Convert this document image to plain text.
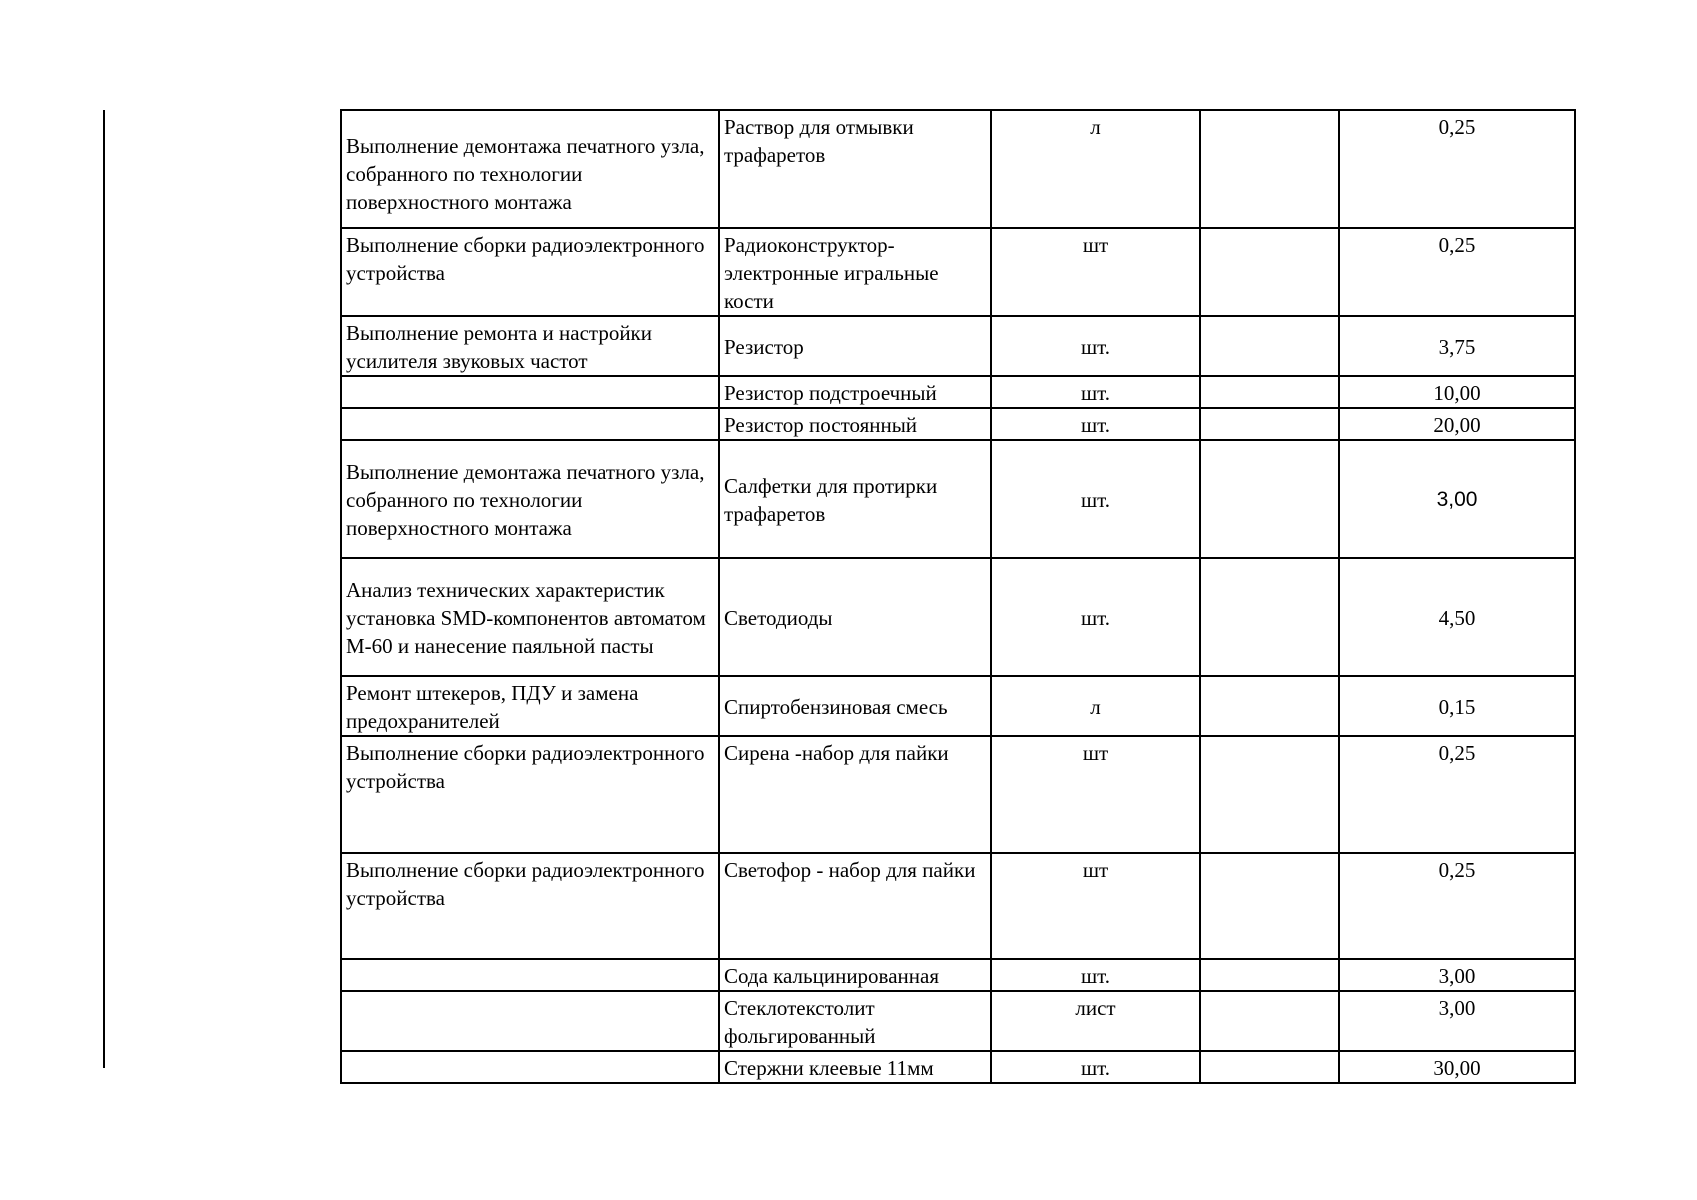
Выполнение демонтажа печатного узла, собранного по технологии поверхностного монтажа	Раствор для отмывки трафаретов	л		0,25
Выполнение сборки радиоэлектронного устройства	Радиоконструктор-электронные игральные кости	шт		0,25
Выполнение ремонта и настройки усилителя звуковых частот	Резистор	шт.		3,75
	Резистор подстроечный	шт.		10,00
	Резистор постоянный	шт.		20,00
Выполнение демонтажа печатного узла, собранного по технологии поверхностного монтажа	Салфетки для протирки трафаретов	шт.		3,00
Анализ технических характеристик установка SMD-компонентов автоматом М-60 и нанесение паяльной пасты	Светодиоды	шт.		4,50
Ремонт штекеров, ПДУ и замена предохранителей	Спиртобензиновая смесь	л		0,15
Выполнение сборки радиоэлектронного устройства	Сирена -набор для пайки	шт		0,25
Выполнение сборки радиоэлектронного устройства	Светофор - набор для пайки	шт		0,25
	Сода кальцинированная	шт.		3,00
	Стеклотекстолит фольгированный	лист		3,00
	Стержни клеевые 11мм	шт.		30,00
